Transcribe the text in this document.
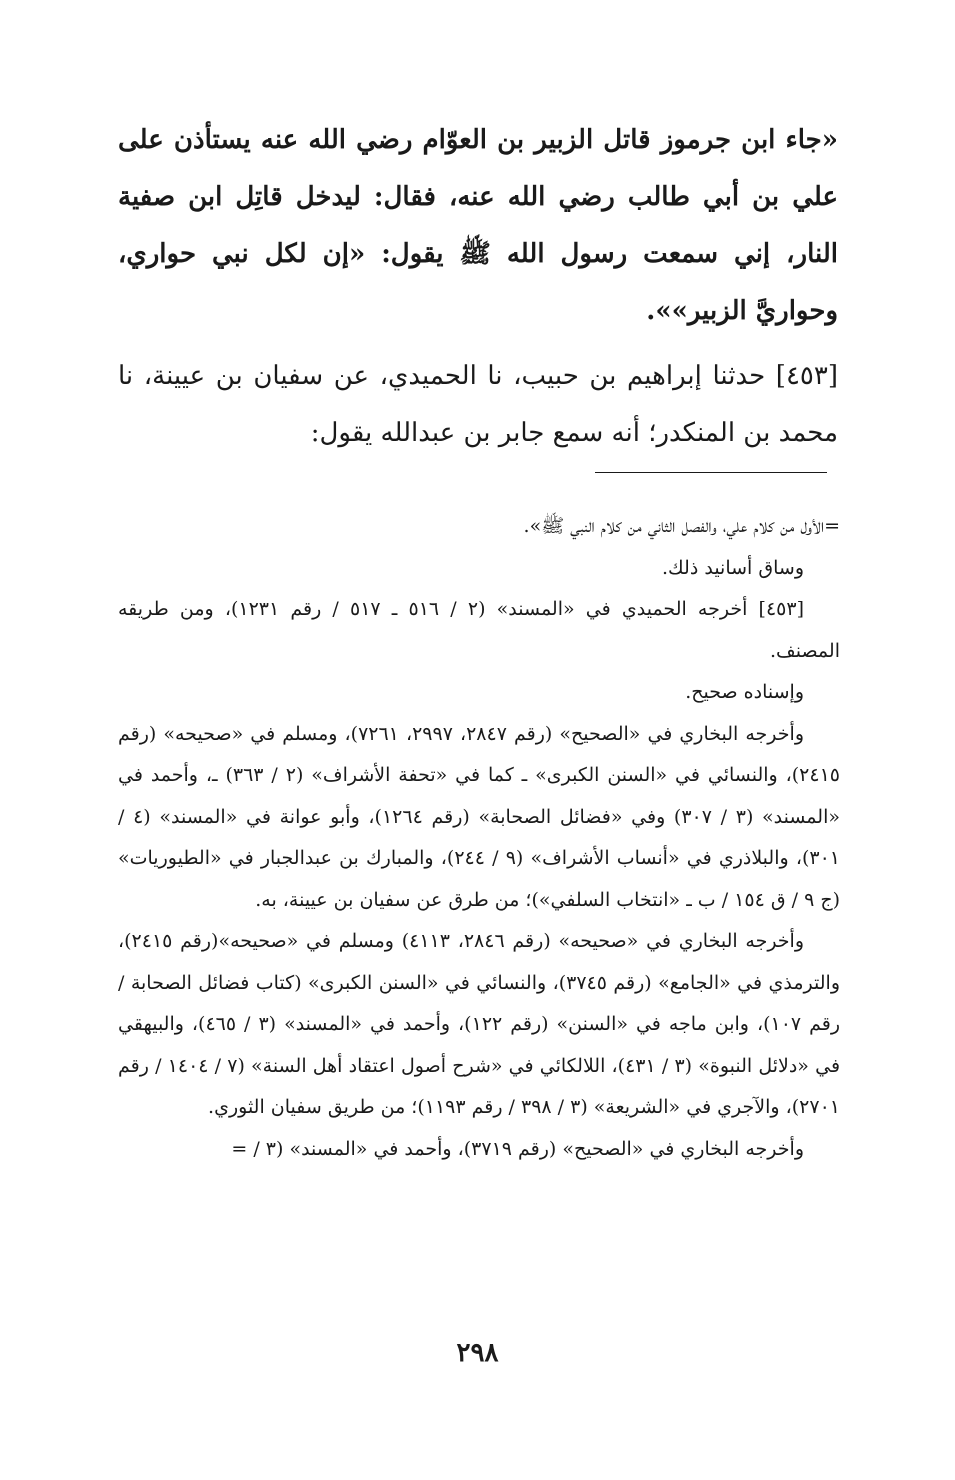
«جاء ابن جرموز قاتل الزبير بن العوّام رضي الله عنه يستأذن على علي بن أبي طالب رضي الله عنه، فقال: ليدخل قاتِل ابن صفية النار، إني سمعت رسول الله ﷺ يقول: «إن لكل نبي حواري، وحواريَّ الزبير»».

[٤٥٣] حدثنا إبراهيم بن حبيب، نا الحميدي، عن سفيان بن عيينة، نا محمد بن المنكدر؛ أنه سمع جابر بن عبدالله يقول:

=الأول من كلام علي، والفصل الثاني من كلام النبي ﷺ».

وساق أسانيد ذلك.

[٤٥٣] أخرجه الحميدي في «المسند» (٢ / ٥١٦ ـ ٥١٧ / رقم ١٢٣١)، ومن طريقه المصنف.

وإسناده صحيح.

وأخرجه البخاري في «الصحيح» (رقم ٢٨٤٧، ٢٩٩٧، ٧٢٦١)، ومسلم في «صحيحه» (رقم ٢٤١٥)، والنسائي في «السنن الكبرى» ـ كما في «تحفة الأشراف» (٢ / ٣٦٣) ـ، وأحمد في «المسند» (٣ / ٣٠٧) وفي «فضائل الصحابة» (رقم ١٢٦٤)، وأبو عوانة في «المسند» (٤ / ٣٠١)، والبلاذري في «أنساب الأشراف» (٩ / ٢٤٤)، والمبارك بن عبدالجبار في «الطيوريات» (ج ٩ / ق ١٥٤ / ب ـ «انتخاب السلفي»)؛ من طرق عن سفيان بن عيينة، به.

وأخرجه البخاري في «صحيحه» (رقم ٢٨٤٦، ٤١١٣) ومسلم في «صحيحه»(رقم ٢٤١٥)، والترمذي في «الجامع» (رقم ٣٧٤٥)، والنسائي في «السنن الكبرى» (كتاب فضائل الصحابة / رقم ١٠٧)، وابن ماجه في «السنن» (رقم ١٢٢)، وأحمد في «المسند» (٣ / ٤٦٥)، والبيهقي في «دلائل النبوة» (٣ / ٤٣١)، اللالكائي في «شرح أصول اعتقاد أهل السنة» (٧ / ١٤٠٤ / رقم ٢٧٠١)، والآجري في «الشريعة» (٣ / ٣٩٨ / رقم ١١٩٣)؛ من طريق سفيان الثوري.

وأخرجه البخاري في «الصحيح» (رقم ٣٧١٩)، وأحمد في «المسند» (٣ / =

٢٩٨
